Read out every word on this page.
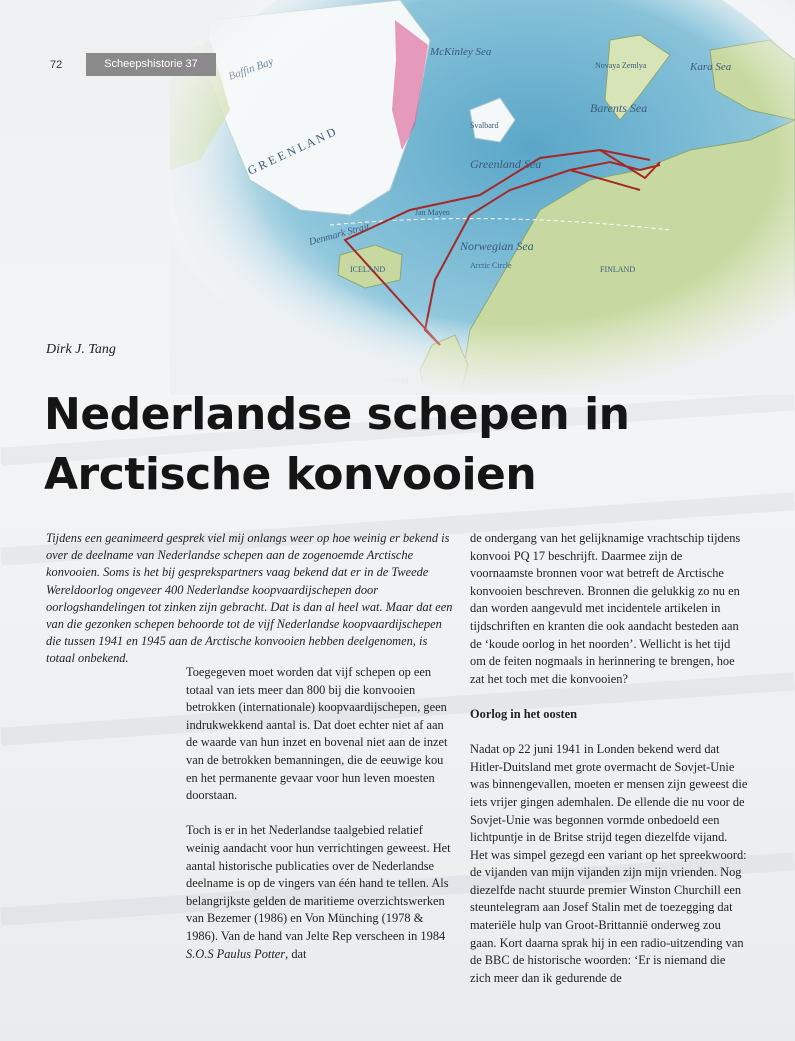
72	Scheepshistorie 37
Dirk J. Tang
Nederlandse schepen in
Arctische konvooien
Tijdens een geanimeerd gesprek viel mij onlangs weer op hoe weinig er bekend is over de deelname van Nederlandse schepen aan de zogenoemde Arctische konvooien. Soms is het bij gesprekspartners vaag bekend dat er in de Tweede Wereldoorlog ongeveer 400 Nederlandse koopvaardijschepen door oorlogshandelingen tot zinken zijn gebracht. Dat is dan al heel wat. Maar dat een van die gezonken schepen behoorde tot de vijf Nederlandse koopvaardijschepen die tussen 1941 en 1945 aan de Arctische konvooien hebben deelgenomen, is totaal onbekend.

Toegegeven moet worden dat vijf schepen op een totaal van iets meer dan 800 bij die konvooien betrokken (internationale) koopvaardijschepen, geen indrukwekkend aantal is. Dat doet echter niet af aan de waarde van hun inzet en bovenal niet aan de inzet van de betrokken bemanningen, die de eeuwige kou en het permanente gevaar voor hun leven moesten doorstaan.

Toch is er in het Nederlandse taalgebied relatief weinig aandacht voor hun verrichtingen geweest. Het aantal historische publicaties over de Nederlandse deelname is op de vingers van één hand te tellen. Als belangrijkste gelden de maritieme overzichtswerken van Bezemer (1986) en Von Münching (1978 & 1986). Van de hand van Jelte Rep verscheen in 1984 S.O.S Paulus Potter, dat

de ondergang van het gelijknamige vrachtschip tijdens konvooi PQ 17 beschrijft. Daarmee zijn de voornaamste bronnen voor wat betreft de Arctische konvooien beschreven. Bronnen die gelukkig zo nu en dan worden aangevuld met incidentele artikelen in tijdschriften en kranten die ook aandacht besteden aan de ‘koude oorlog in het noorden’. Wellicht is het tijd om de feiten nogmaals in herinnering te brengen, hoe zat het toch met die konvooien?

Oorlog in het oosten

Nadat op 22 juni 1941 in Londen bekend werd dat Hitler-Duitsland met grote overmacht de Sovjet-Unie was binnengevallen, moeten er mensen zijn geweest die iets vrijer gingen ademhalen. De ellende die nu voor de Sovjet-Unie was begonnen vormde onbedoeld een lichtpuntje in de Britse strijd tegen diezelfde vijand. Het was simpel gezegd een variant op het spreekwoord: de vijanden van mijn vijanden zijn mijn vrienden. Nog diezelfde nacht stuurde premier Winston Churchill een steuntelegram aan Josef Stalin met de toezegging dat materiële hulp van Groot-Brittannië onderweg zou gaan. Kort daarna sprak hij in een radio-uitzending van de BBC de historische woorden: ‘Er is niemand die zich meer dan ik gedurende de
